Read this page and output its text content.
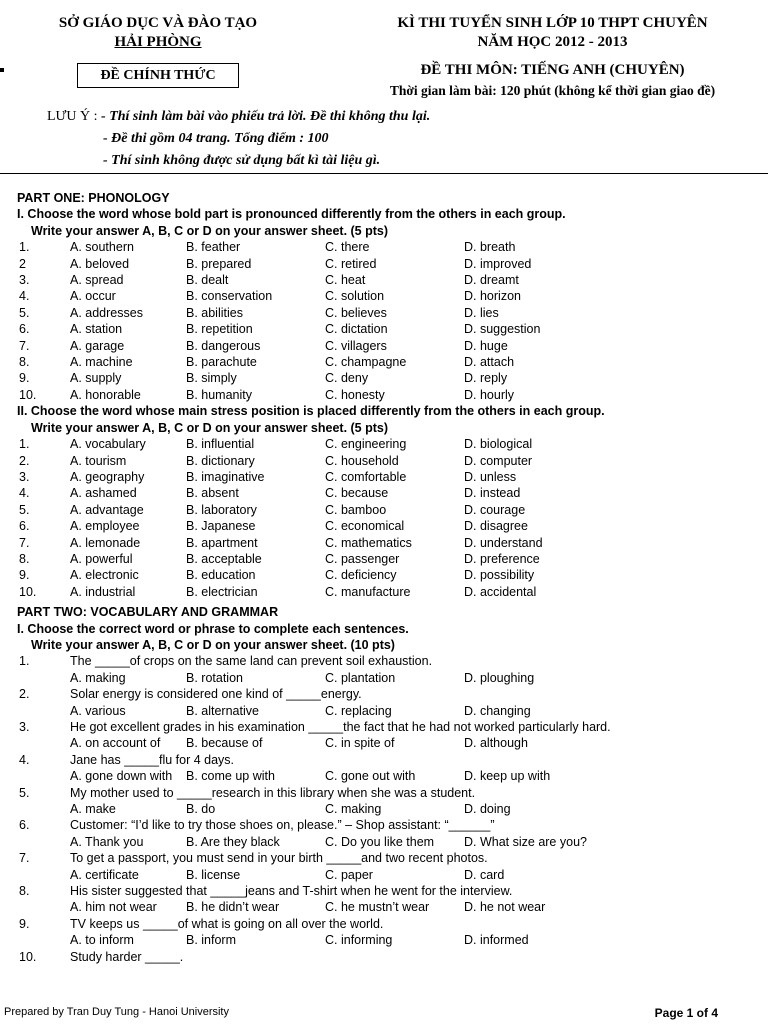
SỞ GIÁO DỤC VÀ ĐÀO TẠO
HẢI PHÒNG
ĐỀ CHÍNH THỨC
KÌ THI TUYỂN SINH LỚP 10 THPT CHUYÊN
NĂM HỌC 2012 - 2013
ĐỀ THI MÔN: TIẾNG ANH (CHUYÊN)
Thời gian làm bài: 120 phút (không kể thời gian giao đề)
LƯU Ý : - Thí sinh làm bài vào phiếu trả lời. Đề thi không thu lại.
- Đề thi gồm 04 trang. Tổng điểm : 100
- Thí sinh không được sử dụng bất kì tài liệu gì.
PART ONE: PHONOLOGY
I. Choose the word whose bold part is pronounced differently from the others in each group.
Write your answer A, B, C or D on your answer sheet. (5 pts)
1.	A. southern	B. feather	C. there	D. breath
2	A. beloved	B. prepared	C. retired	D. improved
3.	A. spread	B. dealt	C. heat	D. dreamt
4.	A. occur	B. conservation	C. solution	D. horizon
5.	A. addresses	B. abilities	C. believes	D. lies
6.	A. station	B. repetition	C. dictation	D. suggestion
7.	A. garage	B. dangerous	C. villagers	D. huge
8.	A. machine	B. parachute	C. champagne	D. attach
9.	A. supply	B. simply	C. deny	D. reply
10.	A. honorable	B. humanity	C. honesty	D. hourly
II. Choose the word whose main stress position is placed differently from the others in each group.
Write your answer A, B, C or D on your answer sheet. (5 pts)
1.	A. vocabulary	B. influential	C. engineering	D. biological
2.	A. tourism	B. dictionary	C. household	D. computer
3.	A. geography	B. imaginative	C. comfortable	D. unless
4.	A. ashamed	B. absent	C. because	D. instead
5.	A. advantage	B. laboratory	C. bamboo	D. courage
6.	A. employee	B. Japanese	C. economical	D. disagree
7.	A. lemonade	B. apartment	C. mathematics	D. understand
8.	A. powerful	B. acceptable	C. passenger	D. preference
9.	A. electronic	B. education	C. deficiency	D. possibility
10.	A. industrial	B. electrician	C. manufacture	D. accidental
PART TWO: VOCABULARY AND GRAMMAR
I. Choose the correct word or phrase to complete each sentences.
Write your answer A, B, C or D on your answer sheet. (10 pts)
1.	The _____of crops on the same land can prevent soil exhaustion.
A. making	B. rotation	C. plantation	D. ploughing
2.	Solar energy is considered one kind of _____energy.
A. various	B. alternative	C. replacing	D. changing
3.	He got excellent grades in his examination _____the fact that he had not worked particularly hard.
A. on account of	B. because of	C. in spite of	D. although
4.	Jane has _____flu for 4 days.
A. gone down with	B. come up with	C. gone out with	D. keep up with
5.	My mother used to _____research in this library when she was a student.
A. make	B. do	C. making	D. doing
6.	Customer: “I’d like to try those shoes on, please.” – Shop assistant: “______”
A. Thank you	B. Are they black	C. Do you like them	D. What size are you?
7.	To get a passport, you must send in your birth _____and two recent photos.
A. certificate	B. license	C. paper	D. card
8.	His sister suggested that _____jeans and T-shirt when he went for the interview.
A. him not wear	B. he didn’t wear	C. he mustn’t wear	D. he not wear
9.	TV keeps us _____of what is going on all over the world.
A. to inform	B. inform	C. informing	D. informed
10.	Study harder _____.
Prepared by Tran Duy Tung - Hanoi University	Page 1 of 4
